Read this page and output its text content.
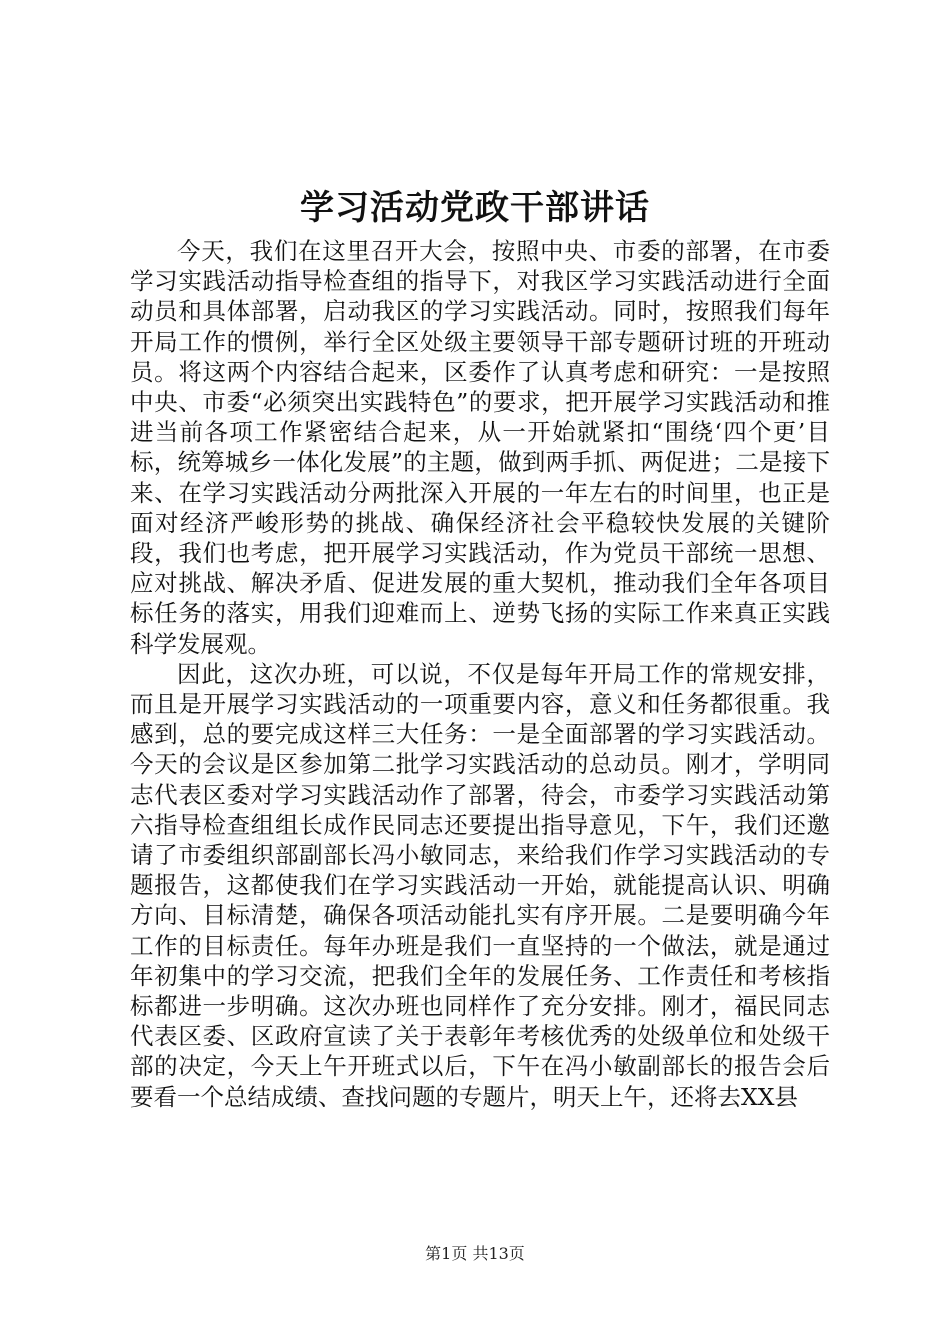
学习活动党政干部讲话

今天，我们在这里召开大会，按照中央、市委的部署，在市委学习实践活动指导检查组的指导下，对我区学习实践活动进行全面动员和具体部署，启动我区的学习实践活动。同时，按照我们每年开局工作的惯例，举行全区处级主要领导干部专题研讨班的开班动员。将这两个内容结合起来，区委作了认真考虑和研究：一是按照中央、市委“必须突出实践特色”的要求，把开展学习实践活动和推进当前各项工作紧密结合起来，从一开始就紧扣“围绕‘四个更’目标，统筹城乡一体化发展”的主题，做到两手抓、两促进；二是接下来、在学习实践活动分两批深入开展的一年左右的时间里，也正是面对经济严峻形势的挑战、确保经济社会平稳较快发展的关键阶段，我们也考虑，把开展学习实践活动，作为党员干部统一思想、应对挑战、解决矛盾、促进发展的重大契机，推动我们全年各项目标任务的落实，用我们迎难而上、逆势飞扬的实际工作来真正实践科学发展观。

因此，这次办班，可以说，不仅是每年开局工作的常规安排，而且是开展学习实践活动的一项重要内容，意义和任务都很重。我感到，总的要完成这样三大任务：一是全面部署的学习实践活动。今天的会议是区参加第二批学习实践活动的总动员。刚才，学明同志代表区委对学习实践活动作了部署，待会，市委学习实践活动第六指导检查组组长成作民同志还要提出指导意见，下午，我们还邀请了市委组织部副部长冯小敏同志，来给我们作学习实践活动的专题报告，这都使我们在学习实践活动一开始，就能提高认识、明确方向、目标清楚，确保各项活动能扎实有序开展。二是要明确今年工作的目标责任。每年办班是我们一直坚持的一个做法，就是通过年初集中的学习交流，把我们全年的发展任务、工作责任和考核指标都进一步明确。这次办班也同样作了充分安排。刚才，福民同志代表区委、区政府宣读了关于表彰年考核优秀的处级单位和处级干部的决定，今天上午开班式以后，下午在冯小敏副部长的报告会后要看一个总结成绩、查找问题的专题片，明天上午，还将去XX县

第1页 共13页
